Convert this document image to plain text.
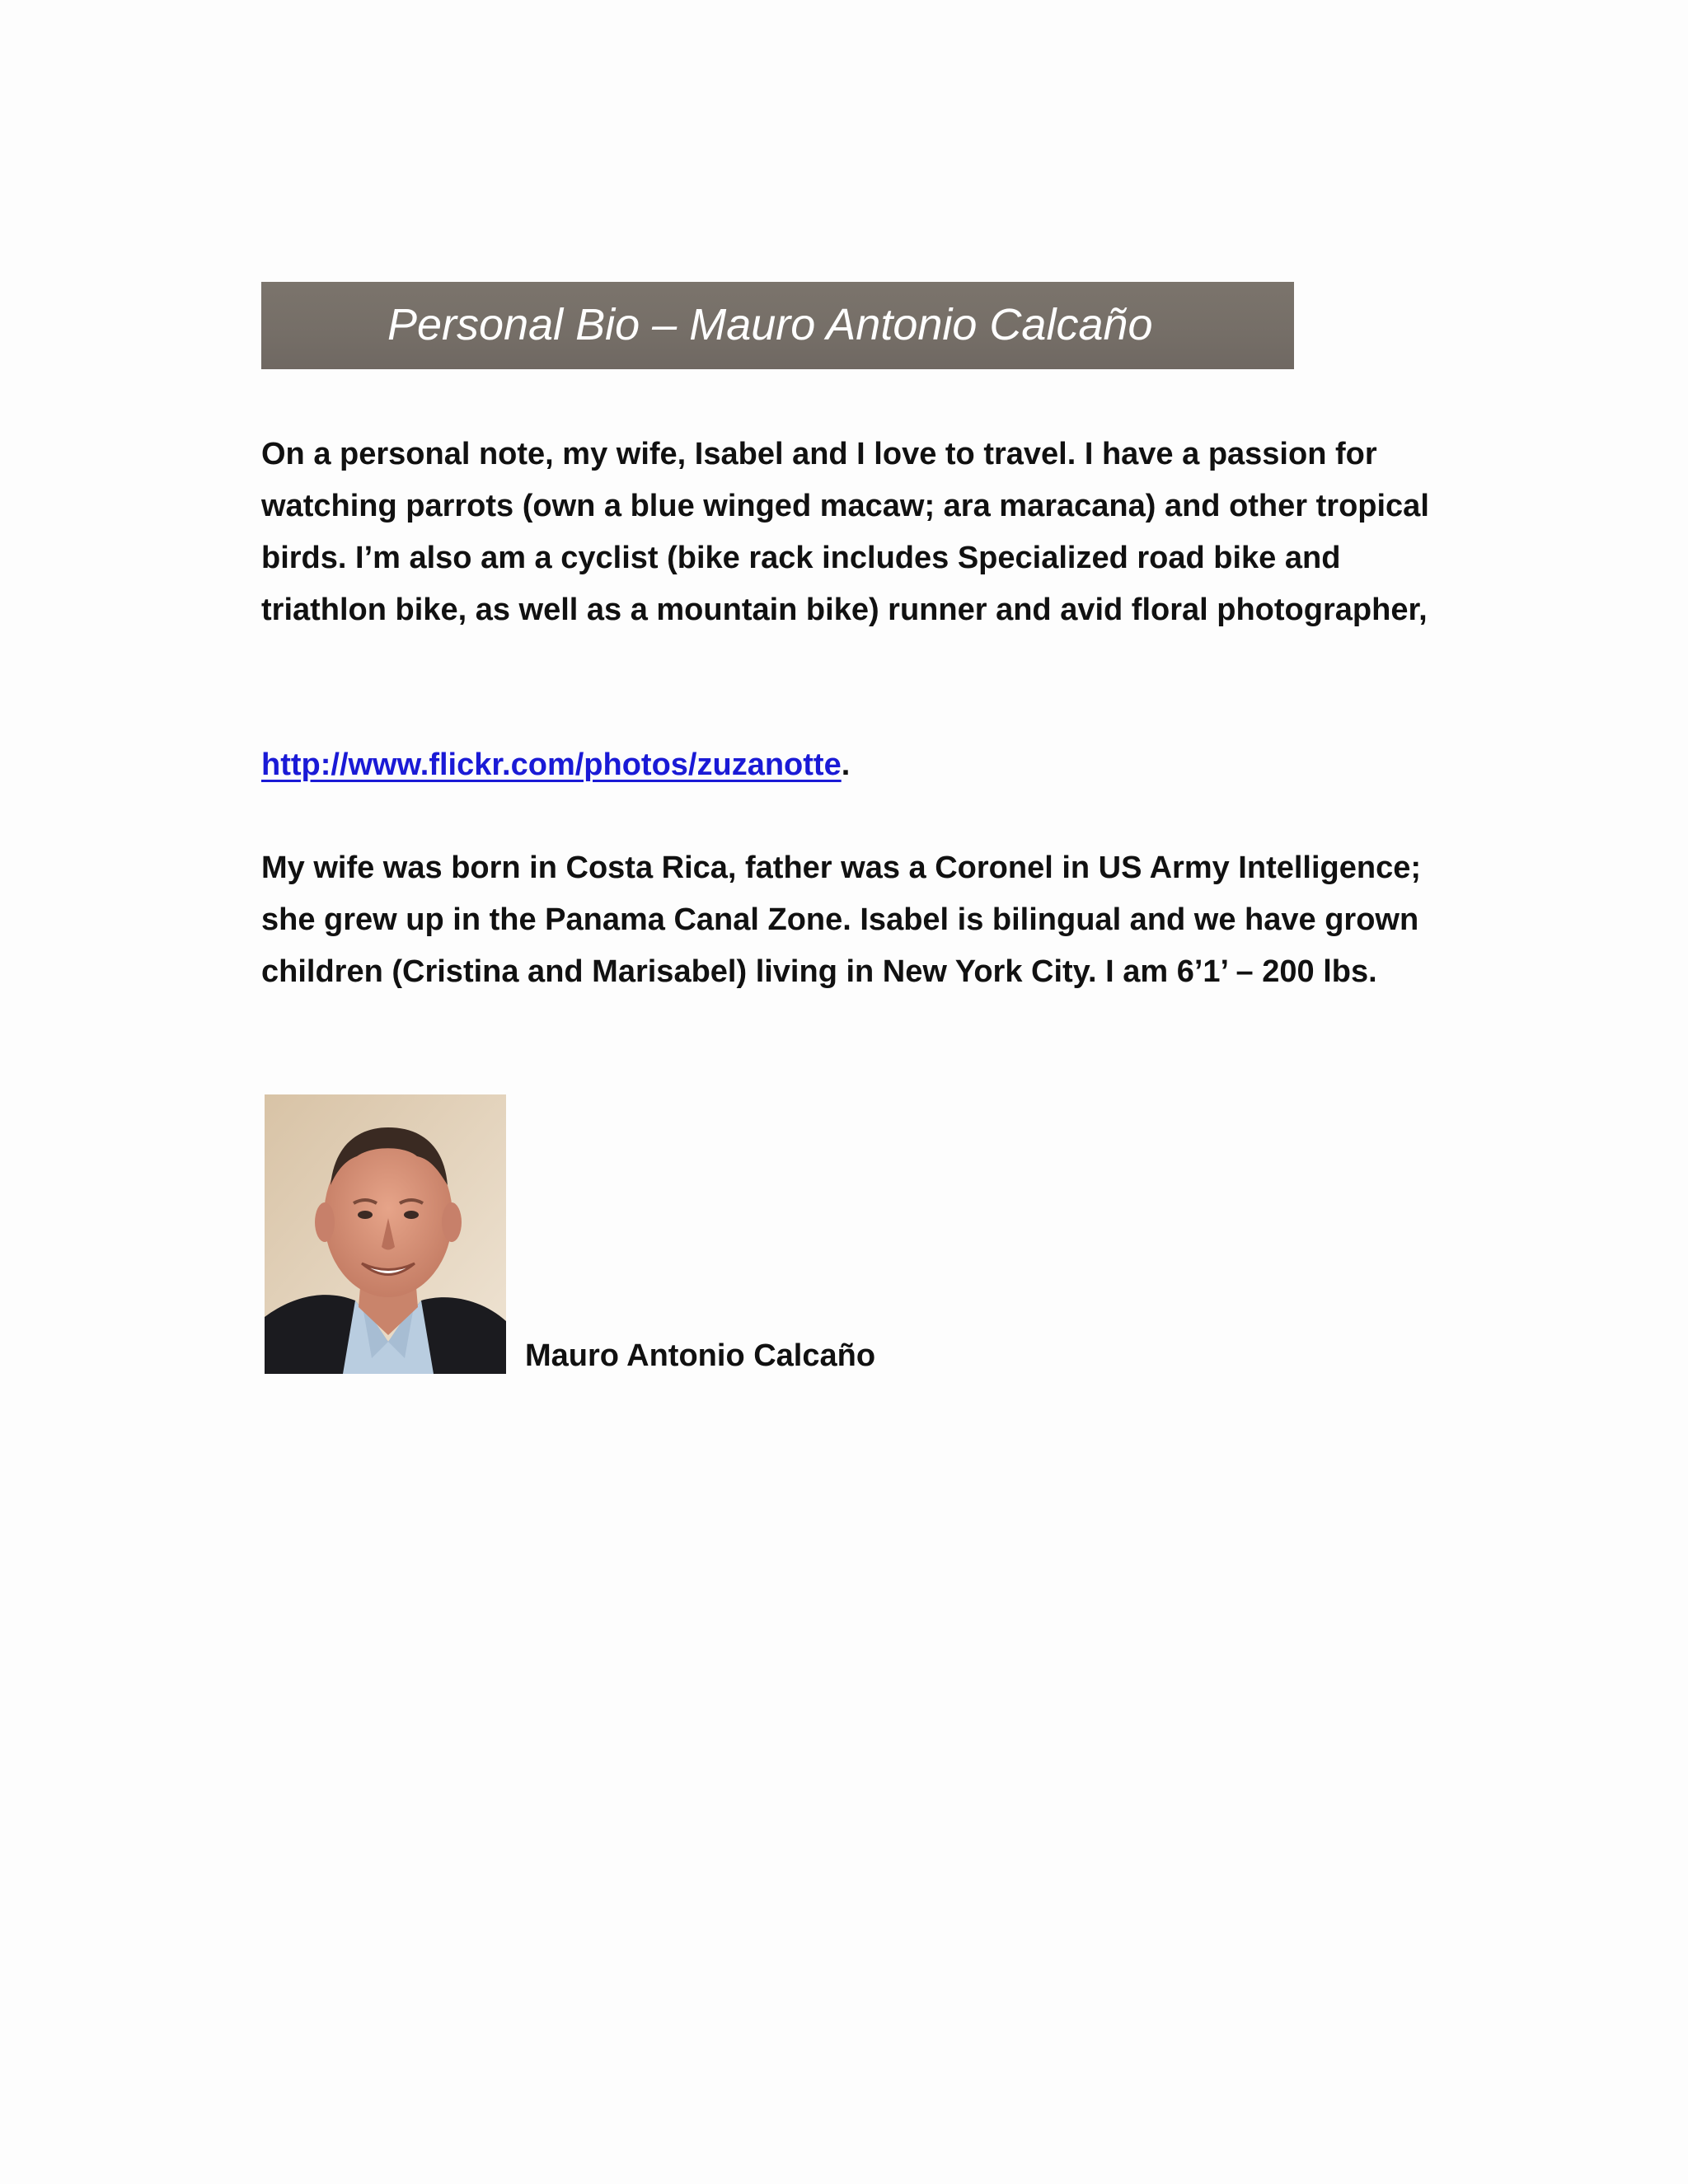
Personal Bio – Mauro Antonio Calcaño

On a personal note, my wife, Isabel and I love to travel. I have a passion for watching parrots (own a blue winged macaw; ara maracana) and other tropical birds. I’m also am a cyclist (bike rack includes Specialized road bike and triathlon bike, as well as a mountain bike) runner and avid floral photographer,

http://www.flickr.com/photos/zuzanotte.

My wife was born in Costa Rica, father was a Coronel in US Army Intelligence; she grew up in the Panama Canal Zone. Isabel is bilingual and we have grown children (Cristina and Marisabel) living in New York City. I am 6’1’ – 200 lbs.

Mauro Antonio Calcaño
